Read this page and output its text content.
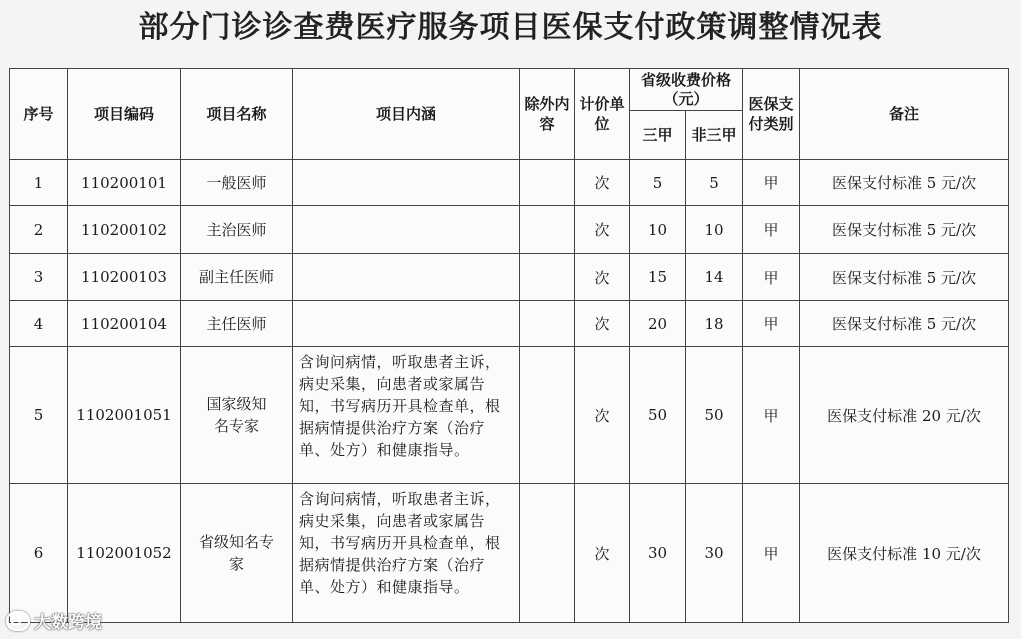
部分门诊诊查费医疗服务项目医保支付政策调整情况表
序号	项目编码	项目名称	项目内涵	除外内容	计价单位	省级收费价格（元）		医保支付类别	备注
						三甲	非三甲		
1	110200101	一般医师			次	5	5	甲	医保支付标准 5 元/次
2	110200102	主治医师			次	10	10	甲	医保支付标准 5 元/次
3	110200103	副主任医师			次	15	14	甲	医保支付标准 5 元/次
4	110200104	主任医师			次	20	18	甲	医保支付标准 5 元/次
5	1102001051	国家级知名专家	含询问病情，听取患者主诉，病史采集，向患者或家属告知，书写病历开具检查单，根据病情提供治疗方案（治疗单、处方）和健康指导。		次	50	50	甲	医保支付标准 20 元/次
6	1102001052	省级知名专家	含询问病情，听取患者主诉，病史采集，向患者或家属告知，书写病历开具检查单，根据病情提供治疗方案（治疗单、处方）和健康指导。		次	30	30	甲	医保支付标准 10 元/次
大数跨境
